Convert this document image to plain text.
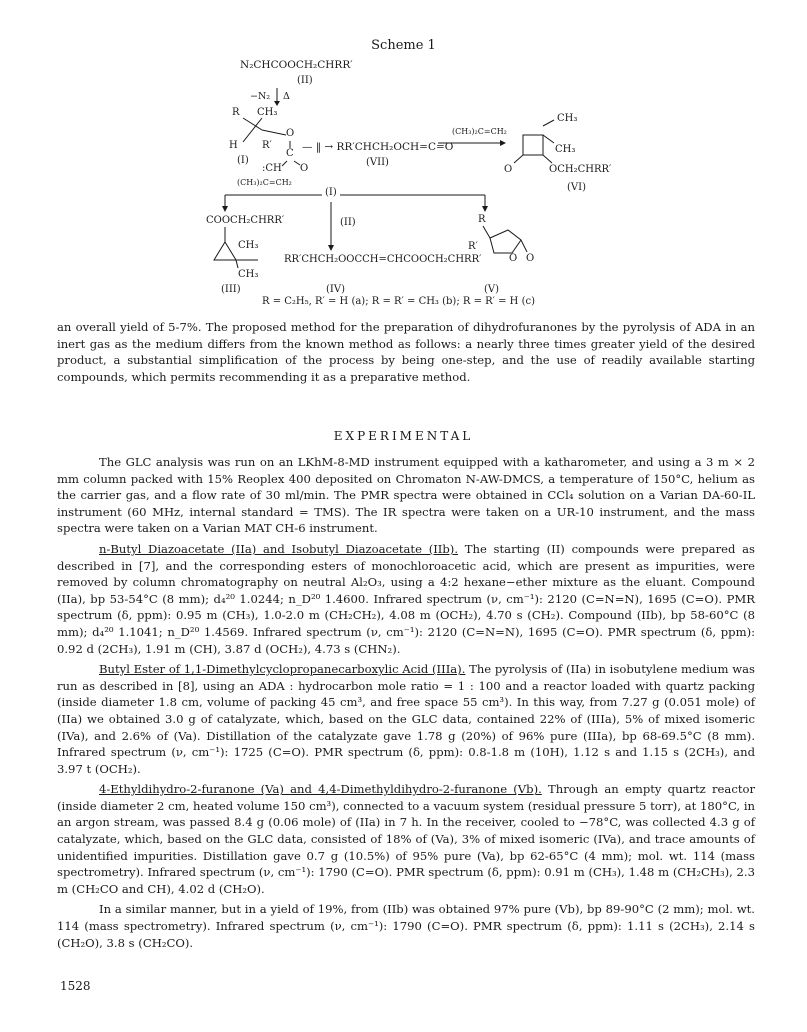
Scheme 1
N₂CHCOOCH₂CHRR′
(II)
−N₂ Δ
R CH₃
H R′
O
C
:CH O
(I)
— ‖ → RR′CHCH₂OCH=C=O
(VII)
(CH₃)₂C=CH₂
CH₃
CH₃
O	OCH₂CHRR′
(VI)
(CH₃)₂C=CH₂
(I)
(II)
COOCH₂CHRR′
CH₃
CH₃
(III)
RR′CHCH₂OOCCH=CHCOOCH₂CHRR′
(IV)
R
R′
O O
(V)
R = C₂H₅, R′ = H (a); R = R′ = CH₃ (b); R = R′ = H (c)

an overall yield of 5-7%. The proposed method for the preparation of dihydrofuranones by the pyrolysis of ADA in an inert gas as the medium differs from the known method as follows: a nearly three times greater yield of the desired product, a substantial simplification of the process by being one-step, and the use of readily available starting compounds, which permits recommending it as a preparative method.

EXPERIMENTAL

The GLC analysis was run on an LKhM-8-MD instrument equipped with a katharometer, and using a 3 m × 2 mm column packed with 15% Reoplex 400 deposited on Chromaton N-AW-DMCS, a temperature of 150°C, helium as the carrier gas, and a flow rate of 30 ml/min. The PMR spectra were obtained in CCl₄ solution on a Varian DA-60-IL instrument (60 MHz, internal standard = TMS). The IR spectra were taken on a UR-10 instrument, and the mass spectra were taken on a Varian MAT CH-6 instrument.

n-Butyl Diazoacetate (IIa) and Isobutyl Diazoacetate (IIb). The starting (II) compounds were prepared as described in [7], and the corresponding esters of monochloroacetic acid, which are present as impurities, were removed by column chromatography on neutral Al₂O₃, using a 4:2 hexane−ether mixture as the eluant. Compound (IIa), bp 53-54°C (8 mm); d₄²⁰ 1.0244; n_D²⁰ 1.4600. Infrared spectrum (ν, cm⁻¹): 2120 (C=N=N), 1695 (C=O). PMR spectrum (δ, ppm): 0.95 m (CH₃), 1.0-2.0 m (CH₂CH₂), 4.08 m (OCH₂), 4.70 s (CH₂). Compound (IIb), bp 58-60°C (8 mm); d₄²⁰ 1.1041; n_D²⁰ 1.4569. Infrared spectrum (ν, cm⁻¹): 2120 (C=N=N), 1695 (C=O). PMR spectrum (δ, ppm): 0.92 d (2CH₃), 1.91 m (CH), 3.87 d (OCH₂), 4.73 s (CHN₂).

Butyl Ester of 1,1-Dimethylcyclopropanecarboxylic Acid (IIIa). The pyrolysis of (IIa) in isobutylene medium was run as described in [8], using an ADA : hydrocarbon mole ratio = 1 : 100 and a reactor loaded with quartz packing (inside diameter 1.8 cm, volume of packing 45 cm³, and free space 55 cm³). In this way, from 7.27 g (0.051 mole) of (IIa) we obtained 3.0 g of catalyzate, which, based on the GLC data, contained 22% of (IIIa), 5% of mixed isomeric (IVa), and 2.6% of (Va). Distillation of the catalyzate gave 1.78 g (20%) of 96% pure (IIIa), bp 68-69.5°C (8 mm). Infrared spectrum (ν, cm⁻¹): 1725 (C=O). PMR spectrum (δ, ppm): 0.8-1.8 m (10H), 1.12 s and 1.15 s (2CH₃), and 3.97 t (OCH₂).

4-Ethyldihydro-2-furanone (Va) and 4,4-Dimethyldihydro-2-furanone (Vb). Through an empty quartz reactor (inside diameter 2 cm, heated volume 150 cm³), connected to a vacuum system (residual pressure 5 torr), at 180°C, in an argon stream, was passed 8.4 g (0.06 mole) of (IIa) in 7 h. In the receiver, cooled to −78°C, was collected 4.3 g of catalyzate, which, based on the GLC data, consisted of 18% of (Va), 3% of mixed isomeric (IVa), and trace amounts of unidentified impurities. Distillation gave 0.7 g (10.5%) of 95% pure (Va), bp 62-65°C (4 mm); mol. wt. 114 (mass spectrometry). Infrared spectrum (ν, cm⁻¹): 1790 (C=O). PMR spectrum (δ, ppm): 0.91 m (CH₃), 1.48 m (CH₂CH₃), 2.3 m (CH₂CO and CH), 4.02 d (CH₂O).

In a similar manner, but in a yield of 19%, from (IIb) was obtained 97% pure (Vb), bp 89-90°C (2 mm); mol. wt. 114 (mass spectrometry). Infrared spectrum (ν, cm⁻¹): 1790 (C=O). PMR spectrum (δ, ppm): 1.11 s (2CH₃), 2.14 s (CH₂O), 3.8 s (CH₂CO).

1528
